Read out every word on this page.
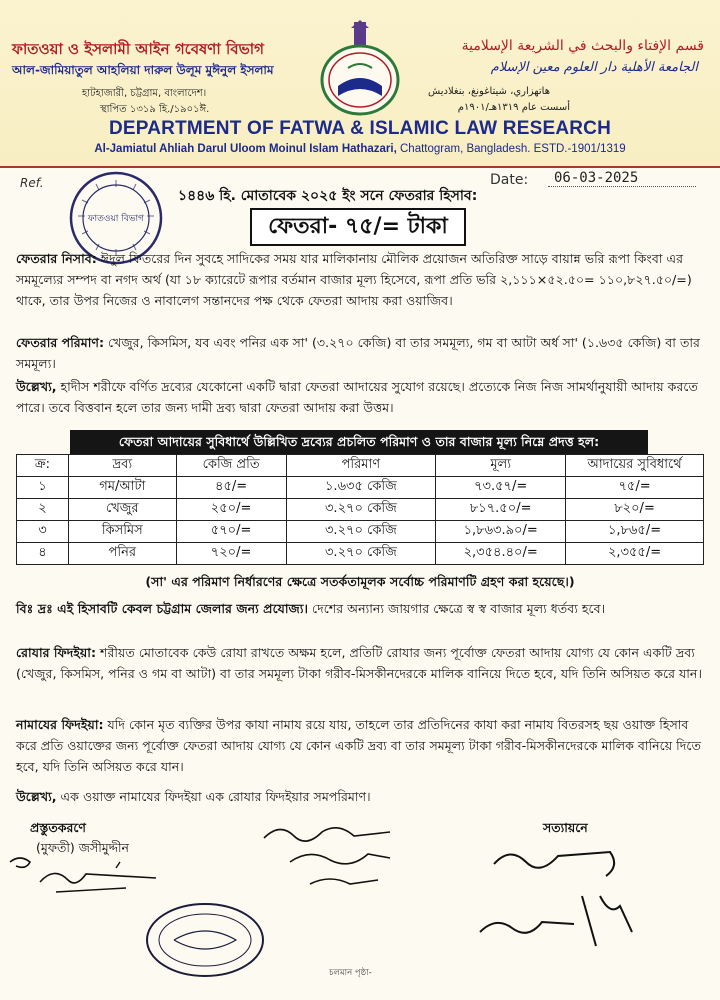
ফাতওয়া ও ইসলামী আইন গবেষণা বিভাগ
আল-জামিয়াতুল আহলিয়া দারুল উলূম মুঈনুল ইসলাম
হাটহাজারী, চট্টগ্রাম, বাংলাদেশ।
স্থাপিত ১৩১৯ হি./১৯০১ঈ.
قسم الإفتاء والبحث في الشريعة الإسلامية
الجامعة الأهلية دار العلوم معين الإسلام
هاتهزاري، شيتاغونغ، بنغلاديش
أسست عام ١٣١٩هـ/١٩٠١م
DEPARTMENT OF FATWA & ISLAMIC LAW RESEARCH
Al-Jamiatul Ahliah Darul Uloom Moinul Islam Hathazari, Chattogram, Bangladesh. ESTD.-1901/1319
Ref.	Date:	06-03-2025
ফাতওয়া বিভাগ
১৪৪৬ হি. মোতাবেক ২০২৫ ইং সনে ফেতরার হিসাব:
ফেতরা- ৭৫/= টাকা
ফেতরার নিসাব: ঈদুল ফিতরের দিন সুবহে সাদিকের সময় যার মালিকানায় মৌলিক প্রয়োজন অতিরিক্ত সাড়ে বায়ান্ন ভরি রূপা কিংবা এর সমমূল্যের সম্পদ বা নগদ অর্থ (যা ১৮ ক্যারেটে রূপার বর্তমান বাজার মূল্য হিসেবে, রূপা প্রতি ভরি ২,১১১×৫২.৫০= ১১০,৮২৭.৫০/=) থাকে, তার উপর নিজের ও নাবালেগ সন্তানদের পক্ষ থেকে ফেতরা আদায় করা ওয়াজিব।
ফেতরার পরিমাণ: খেজুর, কিসমিস, যব এবং পনির এক সা' (৩.২৭০ কেজি) বা তার সমমূল্য, গম বা আটা অর্ধ সা' (১.৬৩৫ কেজি) বা তার সমমূল্য।
উল্লেখ্য, হাদীস শরীফে বর্ণিত দ্রব্যের যেকোনো একটি দ্বারা ফেতরা আদায়ের সুযোগ রয়েছে। প্রত্যেকে নিজ নিজ সামর্থানুযায়ী আদায় করতে পারে। তবে বিত্তবান হলে তার জন্য দামী দ্রব্য দ্বারা ফেতরা আদায় করা উত্তম।
ফেতরা আদায়ের সুবিধার্থে উল্লিখিত দ্রব্যের প্রচলিত পরিমাণ ও তার বাজার মূল্য নিম্নে প্রদত্ত হল:
ক্র:	দ্রব্য	কেজি প্রতি	পরিমাণ	মূল্য	আদায়ের সুবিধার্থে
১	গম/আটা	৪৫/=	১.৬৩৫ কেজি	৭৩.৫৭/=	৭৫/=
২	খেজুর	২৫০/=	৩.২৭০ কেজি	৮১৭.৫০/=	৮২০/=
৩	কিসমিস	৫৭০/=	৩.২৭০ কেজি	১,৮৬৩.৯০/=	১,৮৬৫/=
৪	পনির	৭২০/=	৩.২৭০ কেজি	২,৩৫৪.৪০/=	২,৩৫৫/=
(সা' এর পরিমাণ নির্ধারণের ক্ষেত্রে সতর্কতামূলক সর্বোচ্চ পরিমাণটি গ্রহণ করা হয়েছে।)
বিঃ দ্রঃ এই হিসাবটি কেবল চট্টগ্রাম জেলার জন্য প্রযোজ্য। দেশের অন্যান্য জায়গার ক্ষেত্রে স্ব স্ব বাজার মূল্য ধর্তব্য হবে।
রোযার ফিদইয়া: শরীয়ত মোতাবেক কেউ রোযা রাখতে অক্ষম হলে, প্রতিটি রোযার জন্য পূর্বোক্ত ফেতরা আদায় যোগ্য যে কোন একটি দ্রব্য (খেজুর, কিসমিস, পনির ও গম বা আটা) বা তার সমমূল্য টাকা গরীব-মিসকীনদেরকে মালিক বানিয়ে দিতে হবে, যদি তিনি অসিয়ত করে যান।
নামাযের ফিদইয়া: যদি কোন মৃত ব্যক্তির উপর কাযা নামায রয়ে যায়, তাহলে তার প্রতিদিনের কাযা করা নামায বিতরসহ ছয় ওয়াক্ত হিসাব করে প্রতি ওয়াক্তের জন্য পূর্বোক্ত ফেতরা আদায় যোগ্য যে কোন একটি দ্রব্য বা তার সমমূল্য টাকা গরীব-মিসকীনদেরকে মালিক বানিয়ে দিতে হবে, যদি তিনি অসিয়ত করে যান।
উল্লেখ্য, এক ওয়াক্ত নামাযের ফিদইয়া এক রোযার ফিদইয়ার সমপরিমাণ।
প্রস্তুতকরণে
(মুফতী) জসীমুদ্দীন
সত্যায়নে
চলমান পৃষ্ঠা-
